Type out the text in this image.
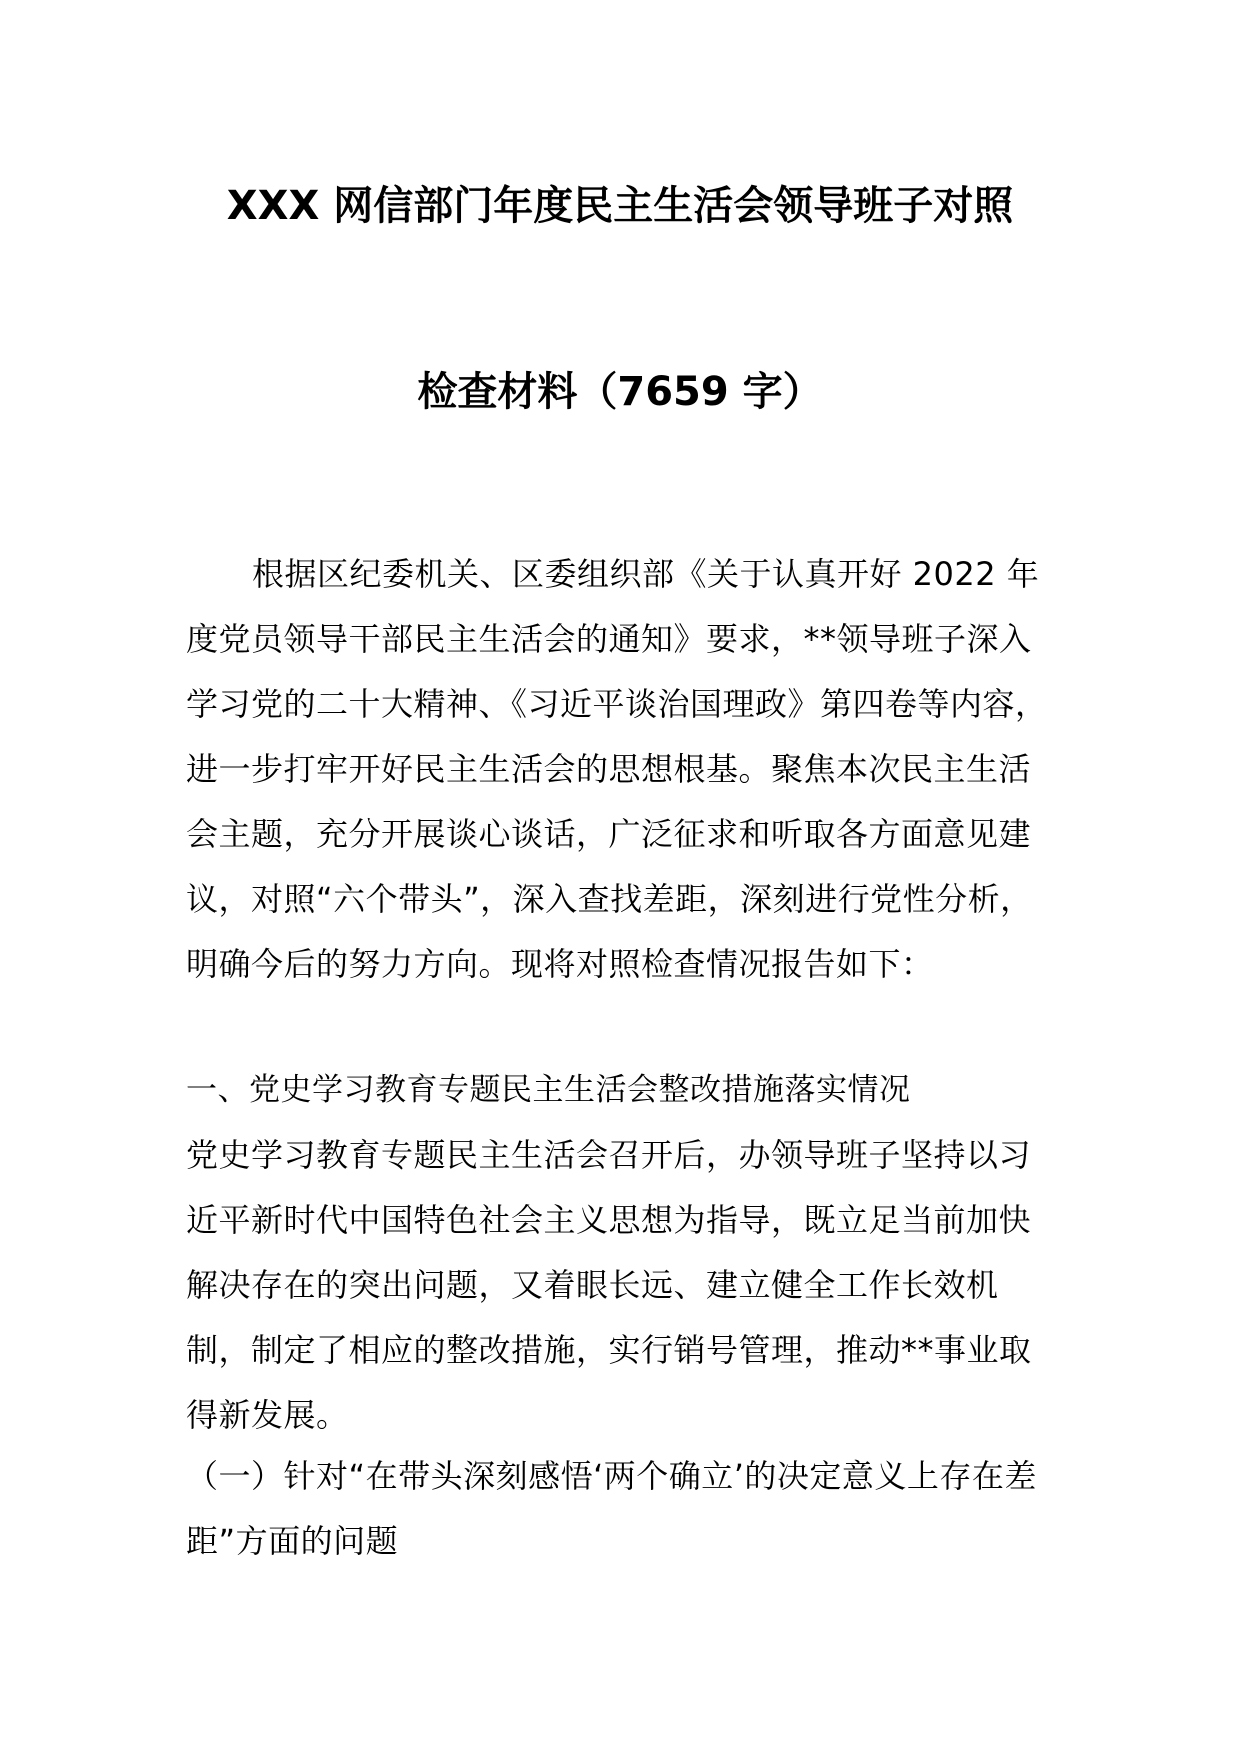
XXX 网信部门年度民主生活会领导班子对照
检查材料（7659 字）

根据区纪委机关、区委组织部《关于认真开好 2022 年度党员领导干部民主生活会的通知》要求，**领导班子深入学习党的二十大精神、《习近平谈治国理政》第四卷等内容，进一步打牢开好民主生活会的思想根基。聚焦本次民主生活会主题，充分开展谈心谈话，广泛征求和听取各方面意见建议，对照“六个带头”，深入查找差距，深刻进行党性分析，明确今后的努力方向。现将对照检查情况报告如下：

一、党史学习教育专题民主生活会整改措施落实情况

党史学习教育专题民主生活会召开后，办领导班子坚持以习近平新时代中国特色社会主义思想为指导，既立足当前加快解决存在的突出问题，又着眼长远、建立健全工作长效机制，制定了相应的整改措施，实行销号管理，推动**事业取得新发展。

（一）针对“在带头深刻感悟‘两个确立’的决定意义上存在差距”方面的问题
